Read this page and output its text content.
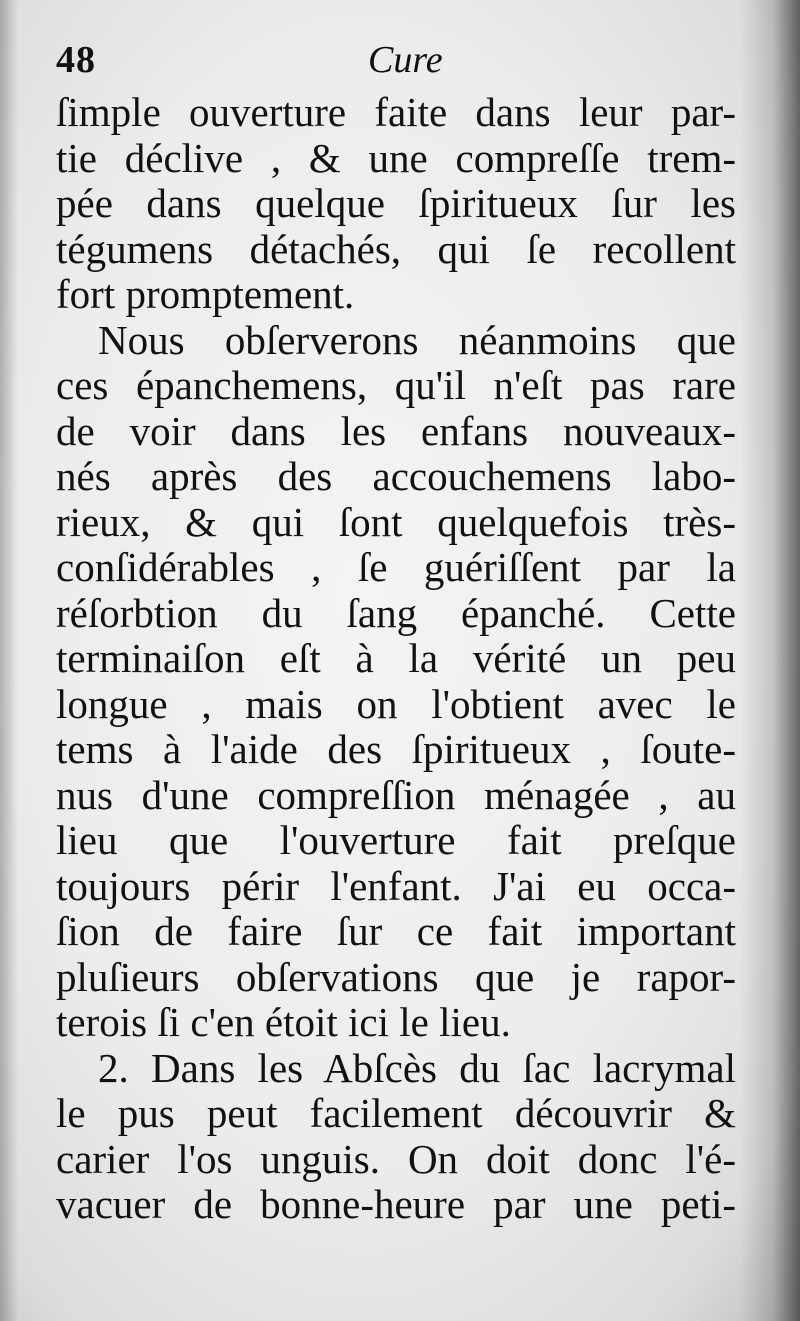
48	Cure
ſimple ouverture faite dans leur par-
tie déclive , & une compreſſe trem-
pée dans quelque ſpiritueux ſur les
tégumens détachés, qui ſe recollent
fort promptement.
Nous obſerverons néanmoins que
ces épanchemens, qu'il n'eſt pas rare
de voir dans les enfans nouveaux-
nés après des accouchemens labo-
rieux, & qui ſont quelquefois très-
conſidérables , ſe guériſſent par la
réſorbtion du ſang épanché. Cette
terminaiſon eſt à la vérité un peu
longue , mais on l'obtient avec le
tems à l'aide des ſpiritueux , ſoute-
nus d'une compreſſion ménagée , au
lieu que l'ouverture fait preſque
toujours périr l'enfant. J'ai eu occa-
ſion de faire ſur ce fait important
pluſieurs obſervations que je rapor-
terois ſi c'en étoit ici le lieu.
2. Dans les Abſcès du ſac lacrymal
le pus peut facilement découvrir &
carier l'os unguis. On doit donc l'é-
vacuer de bonne-heure par une peti-
